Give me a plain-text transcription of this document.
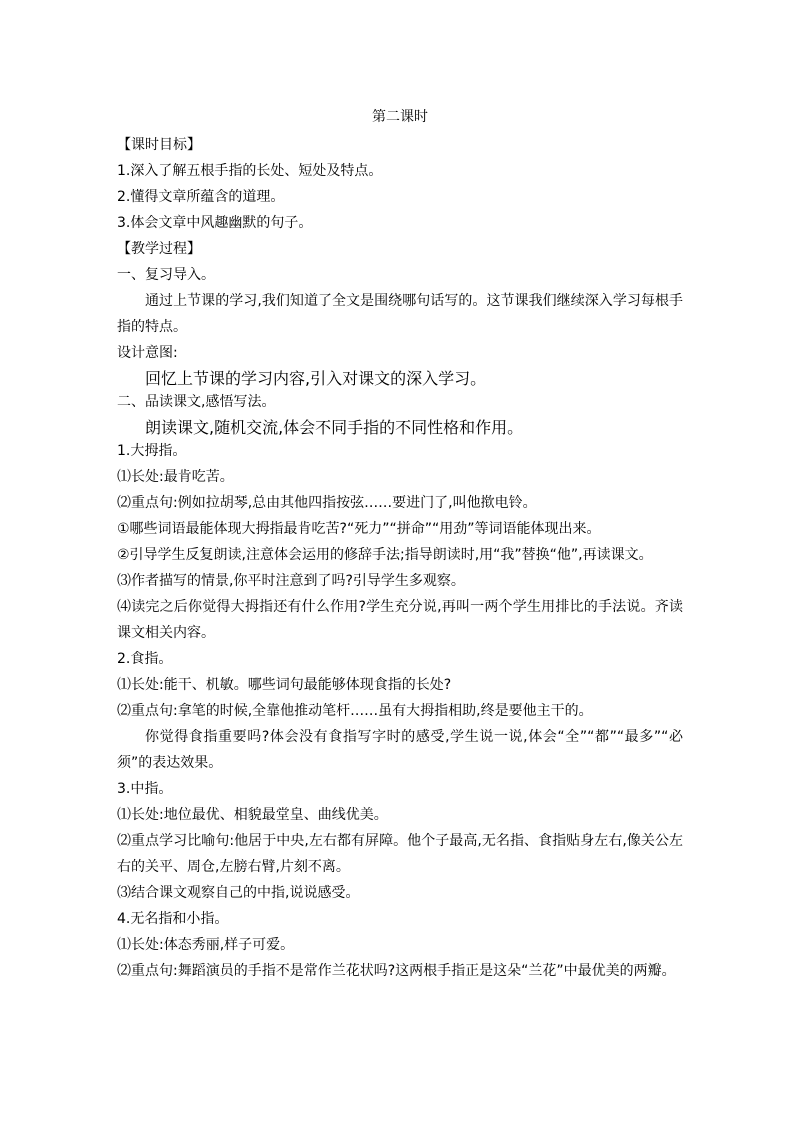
第二课时
【课时目标】
1.深入了解五根手指的长处、短处及特点。
2.懂得文章所蕴含的道理。
3.体会文章中风趣幽默的句子。
【教学过程】
一、复习导入。
通过上节课的学习,我们知道了全文是围绕哪句话写的。这节课我们继续深入学习每根手指的特点。
设计意图:
回忆上节课的学习内容,引入对课文的深入学习。
二、品读课文,感悟写法。
朗读课文,随机交流,体会不同手指的不同性格和作用。
1.大拇指。
⑴长处:最肯吃苦。
⑵重点句:例如拉胡琴,总由其他四指按弦……要进门了,叫他揿电铃。
①哪些词语最能体现大拇指最肯吃苦?“死力”“拼命”“用劲”等词语能体现出来。
②引导学生反复朗读,注意体会运用的修辞手法;指导朗读时,用“我”替换“他”,再读课文。
⑶作者描写的情景,你平时注意到了吗?引导学生多观察。
⑷读完之后你觉得大拇指还有什么作用?学生充分说,再叫一两个学生用排比的手法说。齐读课文相关内容。
2.食指。
⑴长处:能干、机敏。哪些词句最能够体现食指的长处?
⑵重点句:拿笔的时候,全靠他推动笔杆……虽有大拇指相助,终是要他主干的。
你觉得食指重要吗?体会没有食指写字时的感受,学生说一说,体会“全”“都”“最多”“必须”的表达效果。
3.中指。
⑴长处:地位最优、相貌最堂皇、曲线优美。
⑵重点学习比喻句:他居于中央,左右都有屏障。他个子最高,无名指、食指贴身左右,像关公左右的关平、周仓,左膀右臂,片刻不离。
⑶结合课文观察自己的中指,说说感受。
4.无名指和小指。
⑴长处:体态秀丽,样子可爱。
⑵重点句:舞蹈演员的手指不是常作兰花状吗?这两根手指正是这朵“兰花”中最优美的两瓣。
